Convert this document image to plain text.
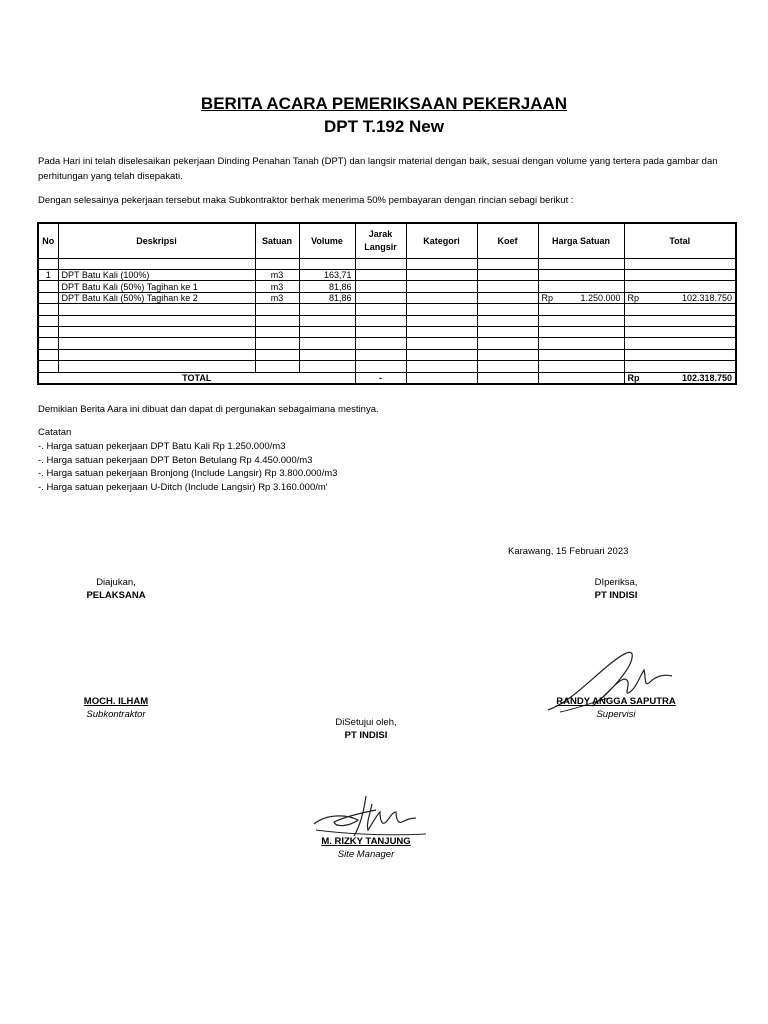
BERITA ACARA PEMERIKSAAN PEKERJAAN
DPT T.192 New
Pada Hari ini telah diselesaikan pekerjaan Dinding Penahan Tanah (DPT) dan langsir material dengan baik, sesuai dengan volume yang tertera pada gambar dan perhitungan yang telah disepakati.
Dengan selesainya pekerjaan tersebut maka Subkontraktor berhak menerima 50% pembayaran dengan rincian sebagi berikut :
No	Deskripsi	Satuan	Volume	Jarak Langsir	Kategori	Koef	Harga Satuan	Total

1	DPT Batu Kali (100%)	m3	163,71				

	DPT Batu Kali (50%) Tagihan ke 1	m3	81,86				

	DPT Batu Kali (50%) Tagihan ke 2	m3	81,86				Rp 1.250.000	Rp 102.318.750

TOTAL				-				Rp 102.318.750
Demikian Berita Aara ini dibuat dan dapat di pergunakan sebagaimana mestinya.
Catatan
-. Harga satuan pekerjaan DPT Batu Kali Rp 1.250.000/m3
-. Harga satuan pekerjaan DPT Beton Betulang Rp 4.450.000/m3
-. Harga satuan pekerjaan Bronjong (Include Langsir) Rp 3.800.000/m3
-. Harga satuan pekerjaan U-Ditch (Include Langsir) Rp 3.160.000/m'
Karawang, 15 Februari 2023
Diajukan,
PELAKSANA
MOCH. ILHAM
Subkontraktor
DIperiksa,
PT INDISI
RANDY ANGGA SAPUTRA
Supervisi
DiSetujui oleh,
PT INDISI
M. RIZKY TANJUNG
Site Manager
